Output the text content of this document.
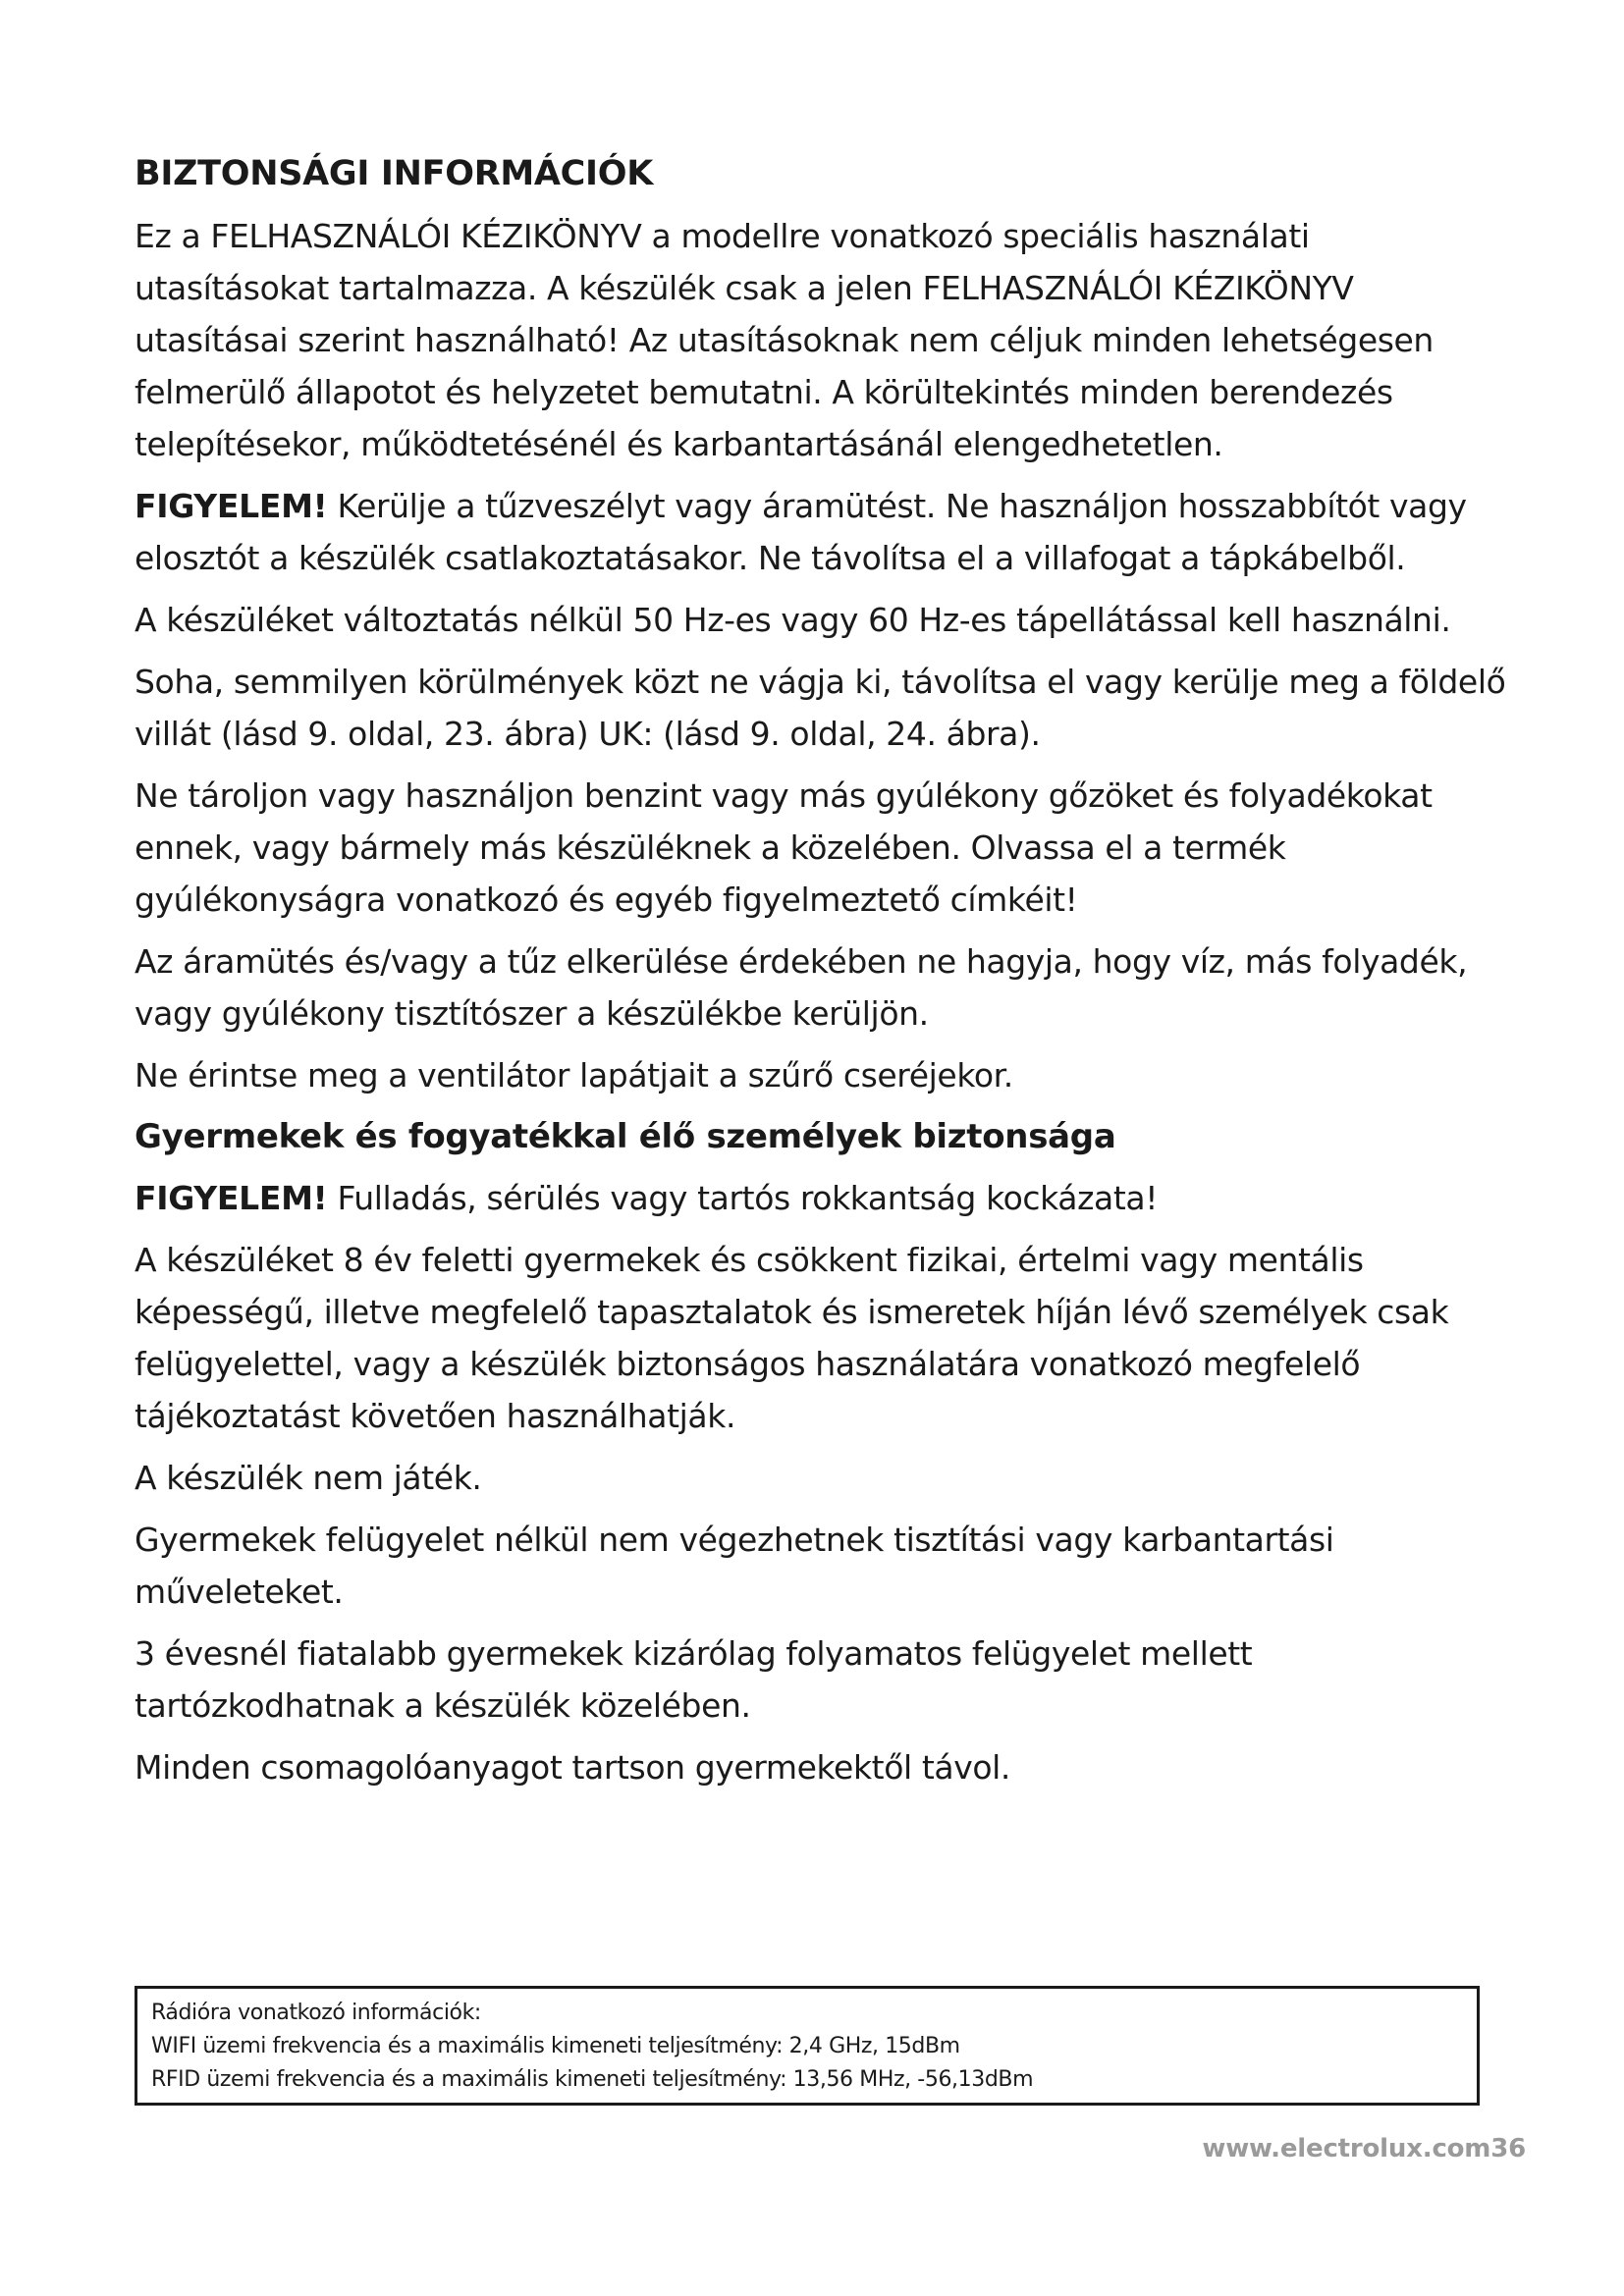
BIZTONSÁGI INFORMÁCIÓK

Ez a FELHASZNÁLÓI KÉZIKÖNYV a modellre vonatkozó speciális használati utasításokat tartalmazza. A készülék csak a jelen FELHASZNÁLÓI KÉZIKÖNYV utasításai szerint használható! Az utasításoknak nem céljuk minden lehetségesen felmerülő állapotot és helyzetet bemutatni. A körültekintés minden berendezés telepítésekor, működtetésénél és karbantartásánál elengedhetetlen.

FIGYELEM! Kerülje a tűzveszélyt vagy áramütést. Ne használjon hosszabbítót vagy elosztót a készülék csatlakoztatásakor. Ne távolítsa el a villafogat a tápkábelből.

A készüléket változtatás nélkül 50 Hz-es vagy 60 Hz-es tápellátással kell használni.

Soha, semmilyen körülmények közt ne vágja ki, távolítsa el vagy kerülje meg a földelő villát (lásd 9. oldal, 23. ábra) UK: (lásd 9. oldal, 24. ábra).

Ne tároljon vagy használjon benzint vagy más gyúlékony gőzöket és folyadékokat ennek, vagy bármely más készüléknek a közelében. Olvassa el a termék gyúlékonyságra vonatkozó és egyéb figyelmeztető címkéit!

Az áramütés és/vagy a tűz elkerülése érdekében ne hagyja, hogy víz, más folyadék, vagy gyúlékony tisztítószer a készülékbe kerüljön.

Ne érintse meg a ventilátor lapátjait a szűrő cseréjekor.

Gyermekek és fogyatékkal élő személyek biztonsága

FIGYELEM! Fulladás, sérülés vagy tartós rokkantság kockázata!

A készüléket 8 év feletti gyermekek és csökkent fizikai, értelmi vagy mentális képességű, illetve megfelelő tapasztalatok és ismeretek híján lévő személyek csak felügyelettel, vagy a készülék biztonságos használatára vonatkozó megfelelő tájékoztatást követően használhatják.

A készülék nem játék.

Gyermekek felügyelet nélkül nem végezhetnek tisztítási vagy karbantartási műveleteket.

3 évesnél fiatalabb gyermekek kizárólag folyamatos felügyelet mellett tartózkodhatnak a készülék közelében.

Minden csomagolóanyagot tartson gyermekektől távol.

Rádióra vonatkozó információk:

WIFI üzemi frekvencia és a maximális kimeneti teljesítmény: 2,4 GHz, 15dBm

RFID üzemi frekvencia és a maximális kimeneti teljesítmény: 13,56 MHz, -56,13dBm

www.electrolux.com36
